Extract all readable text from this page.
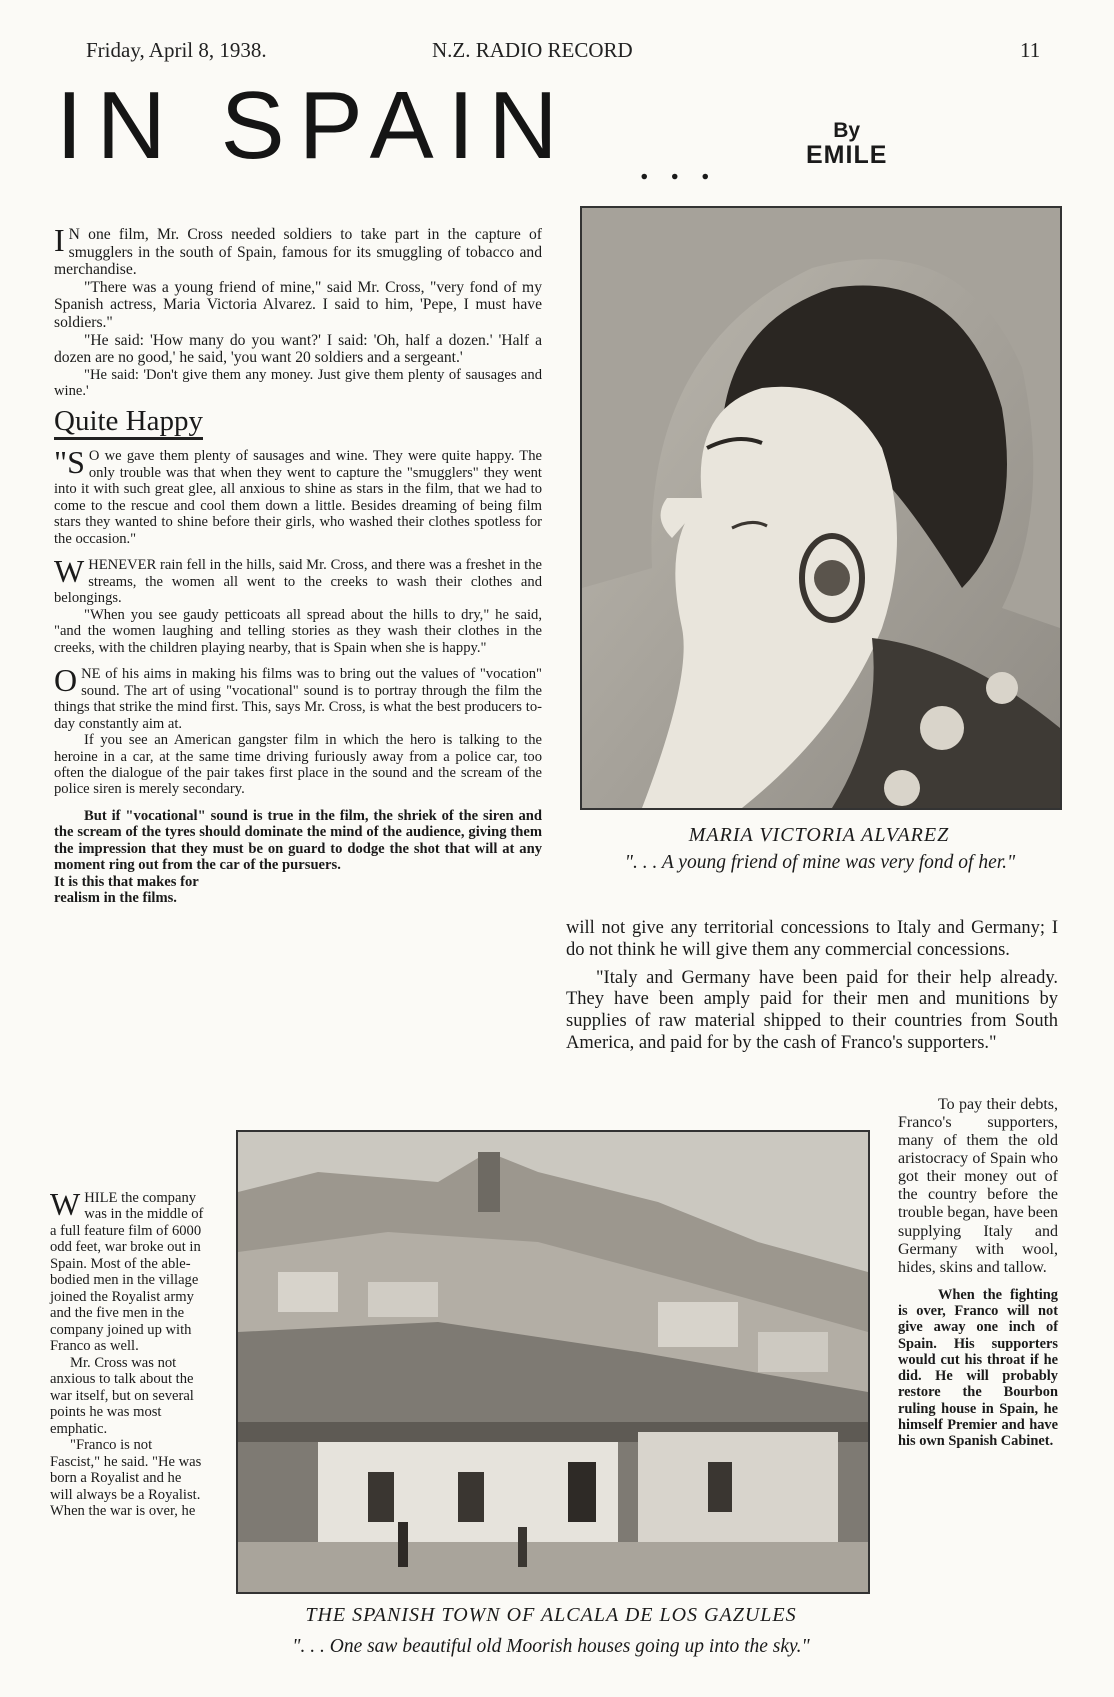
Friday, April 8, 1938.	N.Z. RADIO RECORD	11
IN SPAIN ...
By
EMILE

I N one film, Mr. Cross needed soldiers to take part in the capture of smugglers in the south of Spain, famous for its smuggling of tobacco and merchandise.

"There was a young friend of mine," said Mr. Cross, "very fond of my Spanish actress, Maria Victoria Alvarez. I said to him, 'Pepe, I must have soldiers."

"He said: 'How many do you want?' I said: 'Oh, half a dozen.' 'Half a dozen are no good,' he said, 'you want 20 soldiers and a sergeant.'

"He said: 'Don't give them any money. Just give them plenty of sausages and wine.'

Quite Happy

"S O we gave them plenty of sausages and wine. They were quite happy. The only trouble was that when they went to capture the "smugglers" they went into it with such great glee, all anxious to shine as stars in the film, that we had to come to the rescue and cool them down a little. Besides dreaming of being film stars they wanted to shine before their girls, who washed their clothes spotless for the occasion."

WHENEVER rain fell in the hills, said Mr. Cross, and there was a freshet in the streams, the women all went to the creeks to wash their clothes and belongings.

"When you see gaudy petticoats all spread about the hills to dry," he said, "and the women laughing and telling stories as they wash their clothes in the creeks, with the children playing nearby, that is Spain when she is happy."

ONE of his aims in making his films was to bring out the values of "vocation" sound. The art of using "vocational" sound is to portray through the film the things that strike the mind first. This, says Mr. Cross, is what the best producers to-day constantly aim at.

If you see an American gangster film in which the hero is talking to the heroine in a car, at the same time driving furiously away from a police car, too often the dialogue of the pair takes first place in the sound and the scream of the police siren is merely secondary.

But if "vocational" sound is true in the film, the shriek of the siren and the scream of the tyres should dominate the mind of the audience, giving them the impression that they must be on guard to dodge the shot that will at any moment ring out from the car of the pursuers.

It is this that makes for realism in the films.

WHILE the company was in the middle of a full feature film of 6000 odd feet, war broke out in Spain. Most of the able-bodied men in the village joined the Royalist army and the five men in the company joined up with Franco as well.

Mr. Cross was not anxious to talk about the war itself, but on several points he was most emphatic.

"Franco is not Fascist," he said. "He was born a Royalist and he will always be a Royalist. When the war is over, he

MARIA VICTORIA ALVAREZ
". . . A young friend of mine was very fond of her."

will not give any territorial concessions to Italy and Germany; I do not think he will give them any commercial concessions.

"Italy and Germany have been paid for their help already. They have been amply paid for their men and munitions by supplies of raw material shipped to their countries from South America, and paid for by the cash of Franco's supporters."

To pay their debts, Franco's supporters, many of them the old aristocracy of Spain who got their money out of the country before the trouble began, have been supplying Italy and Germany with wool, hides, skins and tallow.

When the fighting is over, Franco will not give away one inch of Spain. His supporters would cut his throat if he did. He will probably restore the Bourbon ruling house in Spain, he himself Premier and have his own Spanish Cabinet.

THE SPANISH TOWN OF ALCALA DE LOS GAZULES
". . . One saw beautiful old Moorish houses going up into the sky."
